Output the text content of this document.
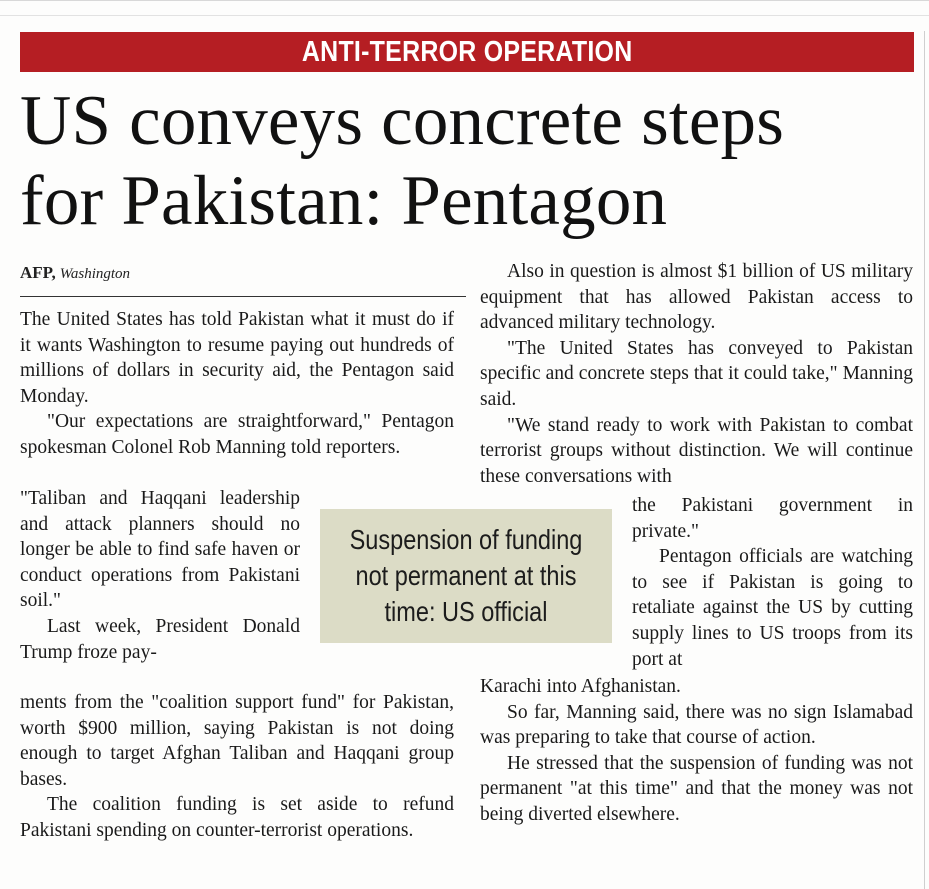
ANTI-TERROR OPERATION
US conveys concrete steps
for Pakistan: Pentagon
AFP, Washington

The United States has told Pakistan what it must do if it wants Washington to resume paying out hundreds of millions of dollars in security aid, the Pentagon said Monday.

"Our expectations are straightforward," Pentagon spokesman Colonel Rob Manning told reporters.

"Taliban and Haqqani leadership and attack planners should no longer be able to find safe haven or conduct operations from Pakistani soil."

Last week, President Donald Trump froze pay-

ments from the "coalition support fund" for Pakistan, worth $900 million, saying Pakistan is not doing enough to target Afghan Taliban and Haqqani group bases.

The coalition funding is set aside to refund Pakistani spending on counter-terrorist operations.

Suspension of funding
not permanent at this
time: US official

Also in question is almost $1 billion of US military equipment that has allowed Pakistan access to advanced military technology.

"The United States has conveyed to Pakistan specific and concrete steps that it could take," Manning said.

"We stand ready to work with Pakistan to combat terrorist groups without distinction. We will continue these conversations with

the Pakistani government in private."

Pentagon officials are watching to see if Pakistan is going to retaliate against the US by cutting supply lines to US troops from its port at

Karachi into Afghanistan.

So far, Manning said, there was no sign Islamabad was preparing to take that course of action.

He stressed that the suspension of funding was not permanent "at this time" and that the money was not being diverted elsewhere.
